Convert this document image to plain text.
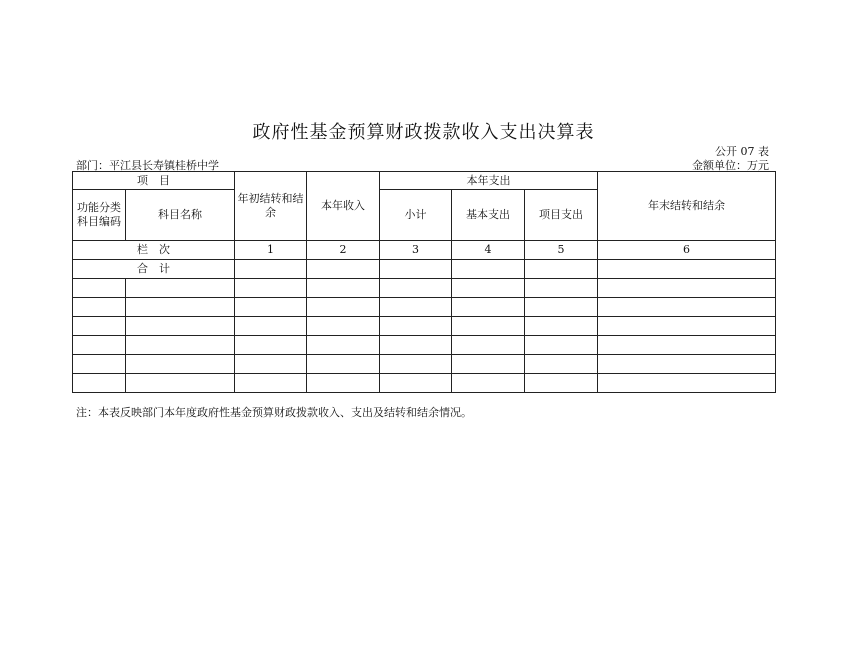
政府性基金预算财政拨款收入支出决算表
公开 07 表
部门：平江县长寿镇桂桥中学	金额单位：万元
项　目		年初结转和结余	本年收入	本年支出			年末结转和结余
功能分类科目编码	科目名称			小计	基本支出	项目支出	
栏　次		1	2	3	4	5	6
合　计							

注：本表反映部门本年度政府性基金预算财政拨款收入、支出及结转和结余情况。
